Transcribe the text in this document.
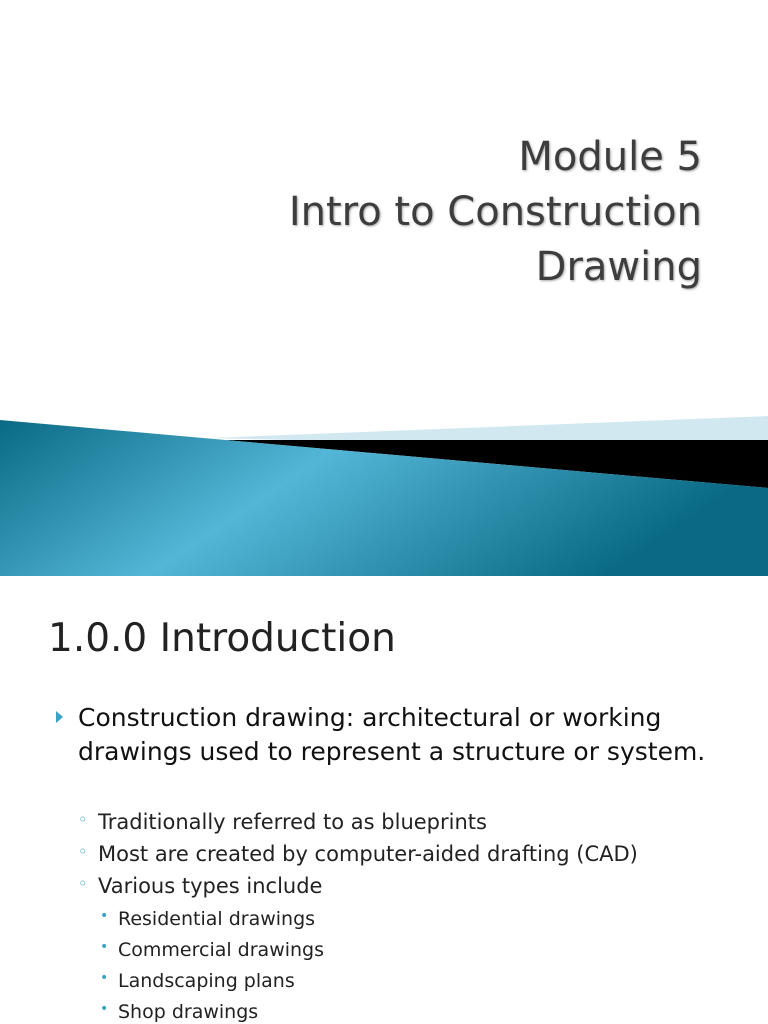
Module 5
Intro to Construction
Drawing
1.0.0 Introduction
Construction drawing: architectural or working drawings used to represent a structure or system.
◦ Traditionally referred to as blueprints
◦ Most are created by computer-aided drafting (CAD)
◦ Various types include
• Residential drawings
• Commercial drawings
• Landscaping plans
• Shop drawings
